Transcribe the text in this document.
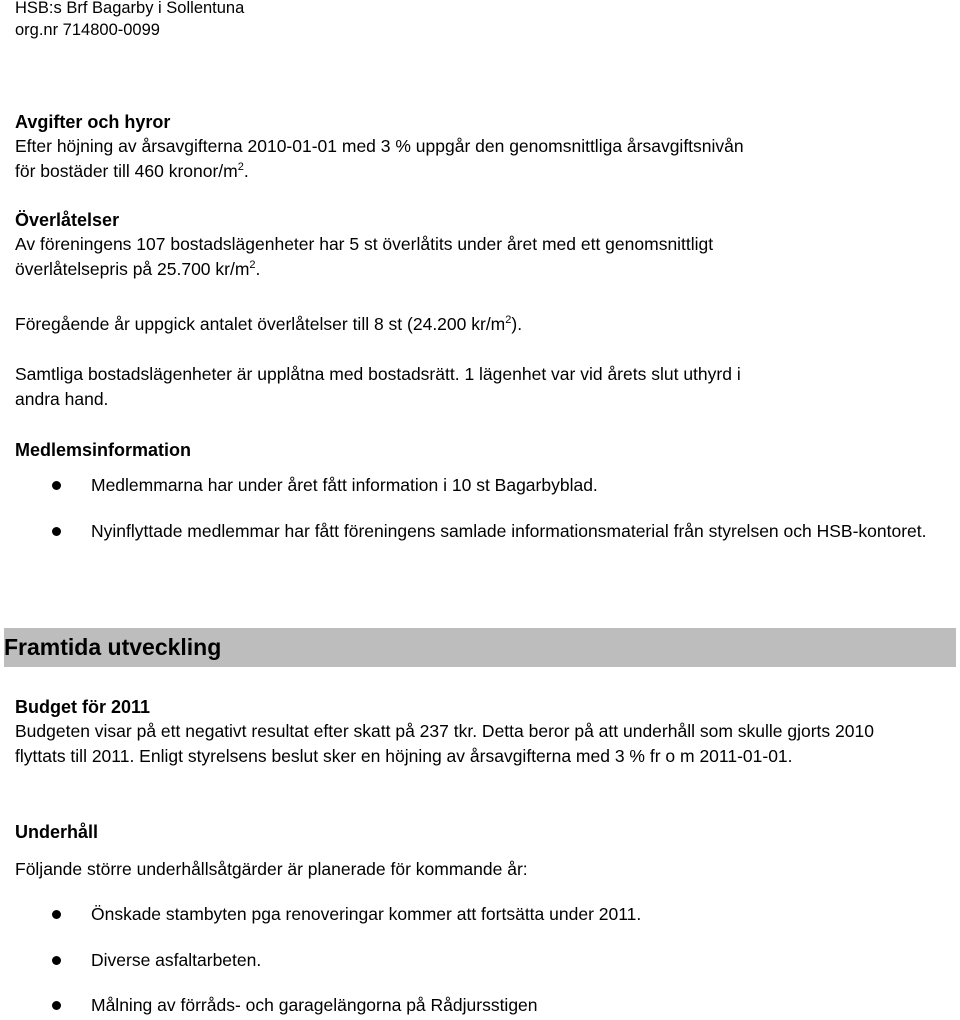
HSB:s Brf Bagarby i Sollentuna
org.nr 714800-0099
Avgifter och hyror
Efter höjning av årsavgifterna 2010-01-01 med 3 % uppgår den genomsnittliga årsavgiftsnivån
för bostäder till 460 kronor/$m^2$.
Överlåtelser
Av föreningens 107 bostadslägenheter har 5 st överlåtits under året med ett genomsnittligt
överlåtelsepris på 25.700 $kr/m^2$.
Föregående år uppgick antalet överlåtelser till 8 st (24.200 $kr/m^2$).
Samtliga bostadslägenheter är upplåtna med bostadsrätt. 1 lägenhet var vid årets slut uthyrd i
andra hand.
Medlemsinformation
Medlemmarna har under året fått information i 10 st Bagarbyblad.
Nyinflyttade medlemmar har fått föreningens samlade informationsmaterial från styrelsen och HSB-kontoret.
Framtida utveckling
Budget för 2011
Budgeten visar på ett negativt resultat efter skatt på 237 tkr. Detta beror på att underhåll som skulle gjorts 2010 flyttats till 2011. Enligt styrelsens beslut sker en höjning av årsavgifterna med 3 % fr o m 2011-01-01.
Underhåll
Följande större underhållsåtgärder är planerade för kommande år:
Önskade stambyten pga renoveringar kommer att fortsätta under 2011.
Diverse asfaltarbeten.
Målning av förråds- och garagelängorna på Rådjursstigen
